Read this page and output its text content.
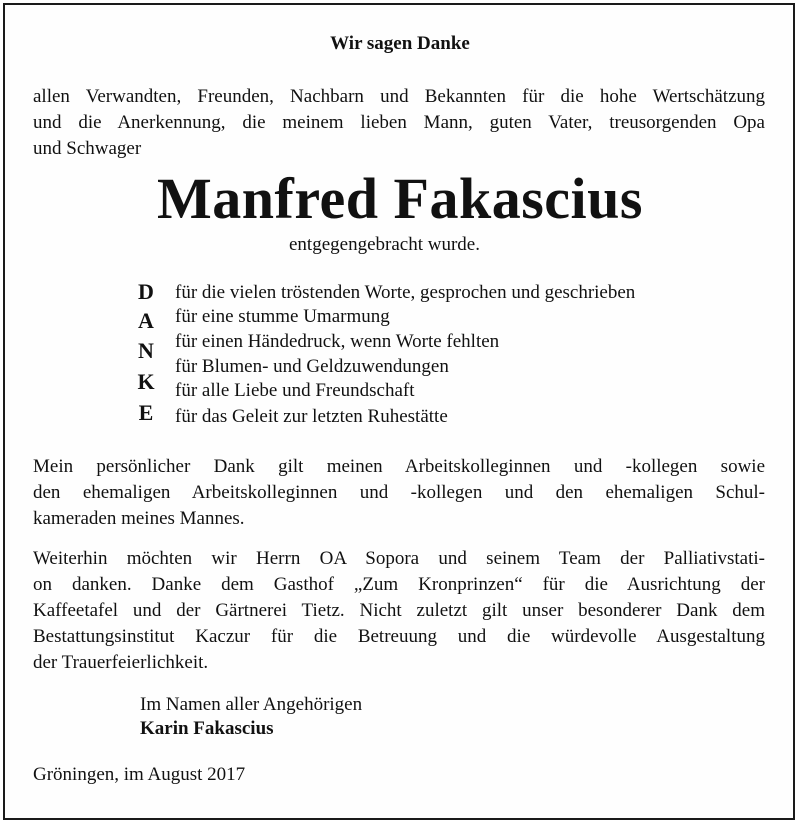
Wir sagen Danke
allen Verwandten, Freunden, Nachbarn und Bekannten für die hohe Wertschätzung
und die Anerkennung, die meinem lieben Mann, guten Vater, treusorgenden Opa
und Schwager
Manfred Fakascius
entgegengebracht wurde.
D für die vielen tröstenden Worte, gesprochen und geschrieben
A für eine stumme Umarmung
N für einen Händedruck, wenn Worte fehlten
K
für Blumen- und Geldzuwendungen
E
für alle Liebe und Freundschaft
für das Geleit zur letzten Ruhestätte
Mein persönlicher Dank gilt meinen Arbeitskolleginnen und -kollegen sowie
den ehemaligen Arbeitskolleginnen und -kollegen und den ehemaligen Schul-
kameraden meines Mannes.
Weiterhin möchten wir Herrn OA Sopora und seinem Team der Palliativstati-
on danken. Danke dem Gasthof „Zum Kronprinzen“ für die Ausrichtung der
Kaffeetafel und der Gärtnerei Tietz. Nicht zuletzt gilt unser besonderer Dank dem
Bestattungsinstitut Kaczur für die Betreuung und die würdevolle Ausgestaltung
der Trauerfeierlichkeit.
Im Namen aller Angehörigen
Karin Fakascius
Gröningen, im August 2017
